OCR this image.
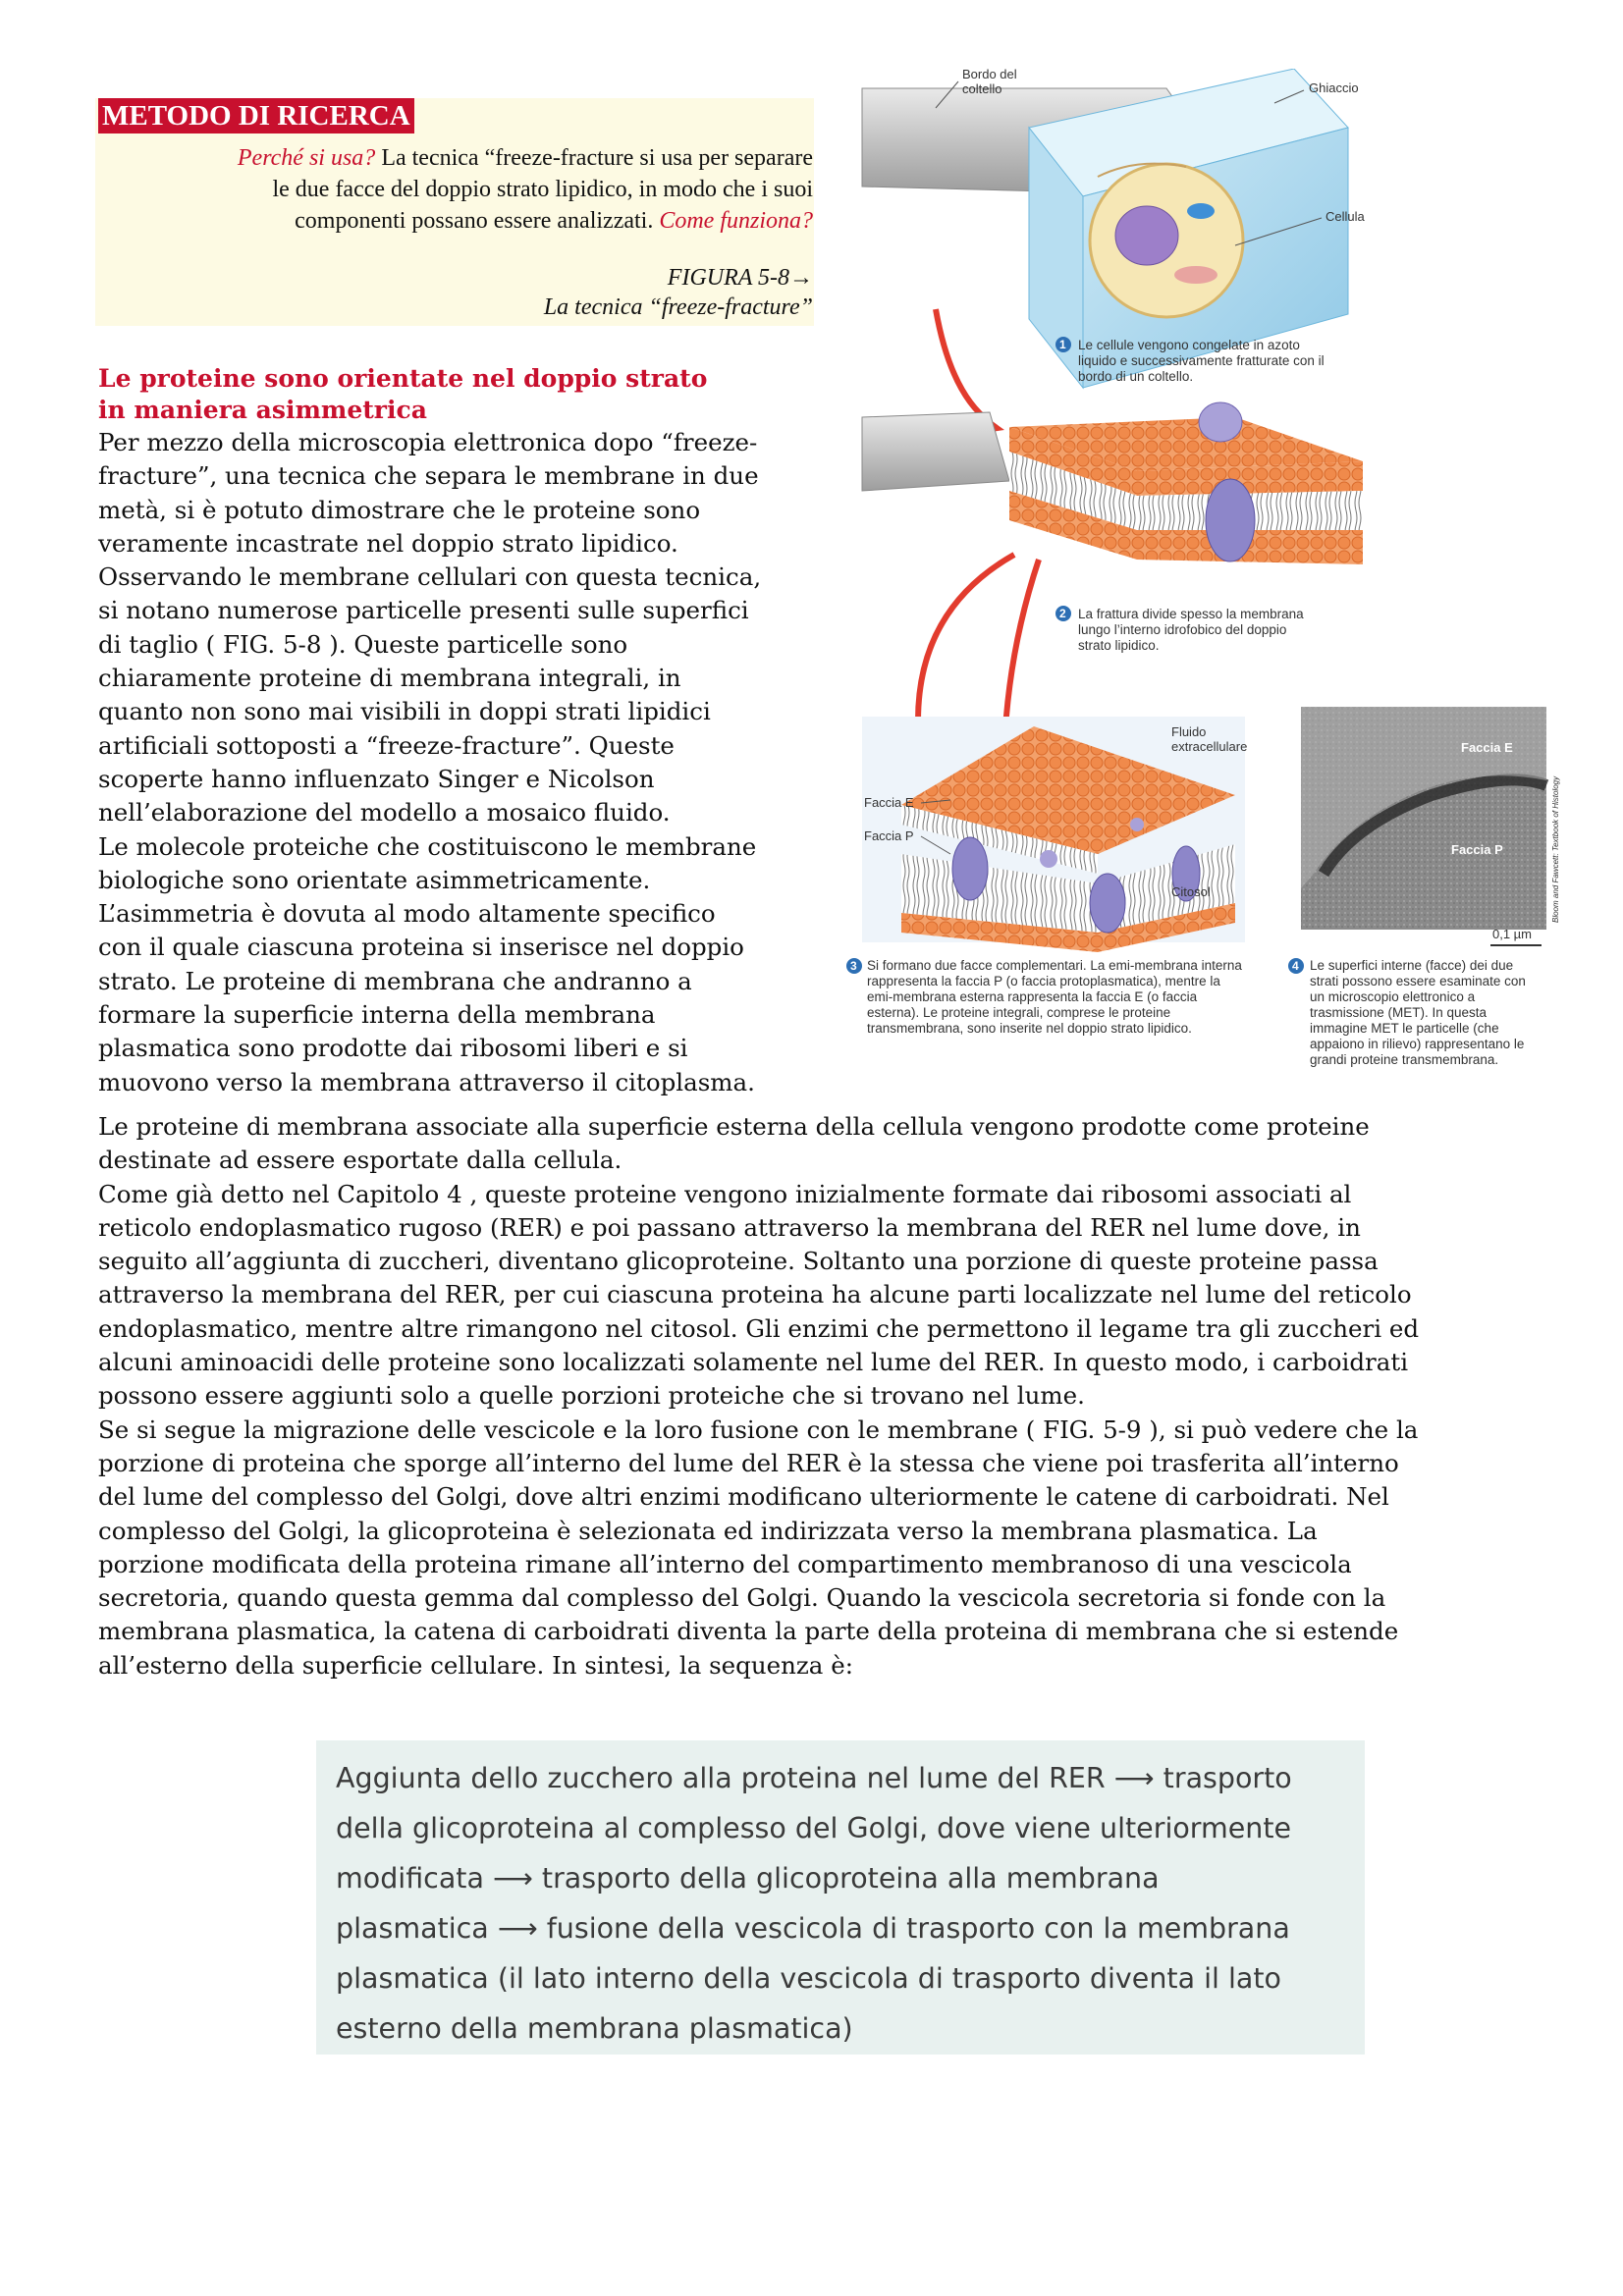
METODO DI RICERCA
Perché si usa? La tecnica “freeze-fracture si usa per separare
le due facce del doppio strato lipidico, in modo che i suoi
componenti possano essere analizzati. Come funziona?
FIGURA 5-8→
La tecnica “freeze-fracture”
Le proteine sono orientate nel doppio strato
in maniera asimmetrica
Per mezzo della microscopia elettronica dopo “freeze-
fracture”, una tecnica che separa le membrane in due
metà, si è potuto dimostrare che le proteine sono
veramente incastrate nel doppio strato lipidico.
Osservando le membrane cellulari con questa tecnica,
si notano numerose particelle presenti sulle superfici
di taglio ( FIG. 5-8 ). Queste particelle sono
chiaramente proteine di membrana integrali, in
quanto non sono mai visibili in doppi strati lipidici
artificiali sottoposti a “freeze-fracture”. Queste
scoperte hanno influenzato Singer e Nicolson
nell’elaborazione del modello a mosaico fluido.
Le molecole proteiche che costituiscono le membrane
biologiche sono orientate asimmetricamente.
L’asimmetria è dovuta al modo altamente specifico
con il quale ciascuna proteina si inserisce nel doppio
strato. Le proteine di membrana che andranno a
formare la superficie interna della membrana
plasmatica sono prodotte dai ribosomi liberi e si
muovono verso la membrana attraverso il citoplasma.
Le proteine di membrana associate alla superficie esterna della cellula vengono prodotte come proteine
destinate ad essere esportate dalla cellula.
Come già detto nel Capitolo 4 , queste proteine vengono inizialmente formate dai ribosomi associati al
reticolo endoplasmatico rugoso (RER) e poi passano attraverso la membrana del RER nel lume dove, in
seguito all’aggiunta di zuccheri, diventano glicoproteine. Soltanto una porzione di queste proteine passa
attraverso la membrana del RER, per cui ciascuna proteina ha alcune parti localizzate nel lume del reticolo
endoplasmatico, mentre altre rimangono nel citosol. Gli enzimi che permettono il legame tra gli zuccheri ed
alcuni aminoacidi delle proteine sono localizzati solamente nel lume del RER. In questo modo, i carboidrati
possono essere aggiunti solo a quelle porzioni proteiche che si trovano nel lume.
Se si segue la migrazione delle vescicole e la loro fusione con le membrane ( FIG. 5-9 ), si può vedere che la
porzione di proteina che sporge all’interno del lume del RER è la stessa che viene poi trasferita all’interno
del lume del complesso del Golgi, dove altri enzimi modificano ulteriormente le catene di carboidrati. Nel
complesso del Golgi, la glicoproteina è selezionata ed indirizzata verso la membrana plasmatica. La
porzione modificata della proteina rimane all’interno del compartimento membranoso di una vescicola
secretoria, quando questa gemma dal complesso del Golgi. Quando la vescicola secretoria si fonde con la
membrana plasmatica, la catena di carboidrati diventa la parte della proteina di membrana che si estende
all’esterno della superficie cellulare. In sintesi, la sequenza è:
Bordo del
coltello	Ghiaccio
Cellula
1 Le cellule vengono congelate in azoto
liquido e successivamente fratturate con il
bordo di un coltello.
2 La frattura divide spesso la membrana
lungo l’interno idrofobico del doppio
strato lipidico.
Fluido
extracellulare
Faccia E
Faccia P
Citosol
Faccia E
Faccia P	Bloom and Fawcett: Textbook of Histology
0,1 µm
3 Si formano due facce complementari. La emi-membrana interna
rappresenta la faccia P (o faccia protoplasmatica), mentre la
emi-membrana esterna rappresenta la faccia E (o faccia
esterna). Le proteine integrali, comprese le proteine
transmembrana, sono inserite nel doppio strato lipidico.
4 Le superfici interne (facce) dei due
strati possono essere esaminate con
un microscopio elettronico a
trasmissione (MET). In questa
immagine MET le particelle (che
appaiono in rilievo) rappresentano le
grandi proteine transmembrana.
Aggiunta dello zucchero alla proteina nel lume del RER ⟶ trasporto
della glicoproteina al complesso del Golgi, dove viene ulteriormente
modificata ⟶ trasporto della glicoproteina alla membrana
plasmatica ⟶ fusione della vescicola di trasporto con la membrana
plasmatica (il lato interno della vescicola di trasporto diventa il lato
esterno della membrana plasmatica)
